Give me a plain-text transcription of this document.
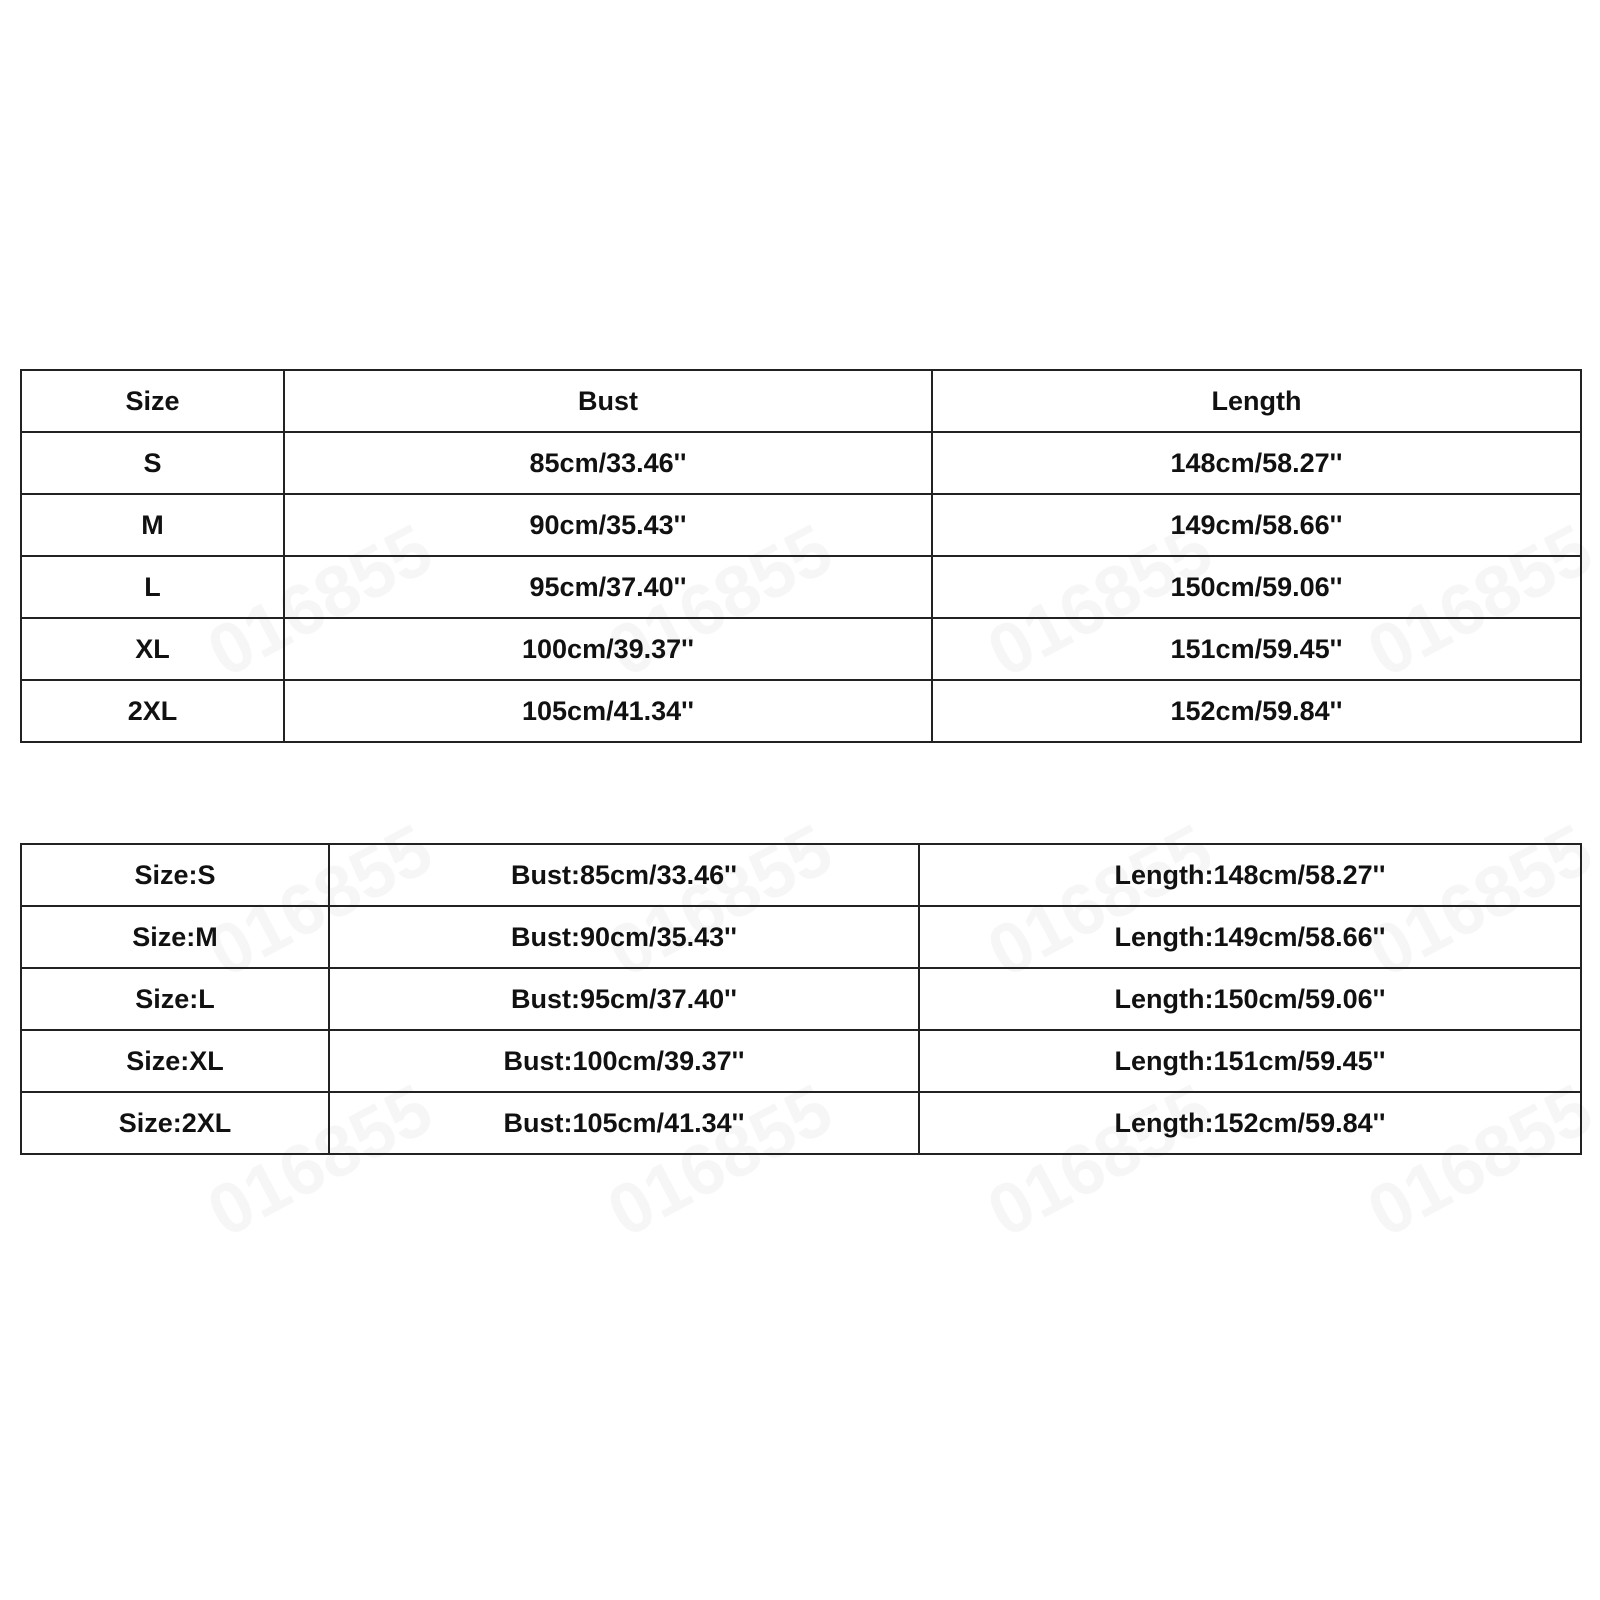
Size	Bust	Length
S	85cm/33.46''	148cm/58.27''
M	90cm/35.43''	149cm/58.66''
L	95cm/37.40''	150cm/59.06''
XL	100cm/39.37''	151cm/59.45''
2XL	105cm/41.34''	152cm/59.84''
Size:S	Bust:85cm/33.46''	Length:148cm/58.27''
Size:M	Bust:90cm/35.43''	Length:149cm/58.66''
Size:L	Bust:95cm/37.40''	Length:150cm/59.06''
Size:XL	Bust:100cm/39.37''	Length:151cm/59.45''
Size:2XL	Bust:105cm/41.34''	Length:152cm/59.84''
